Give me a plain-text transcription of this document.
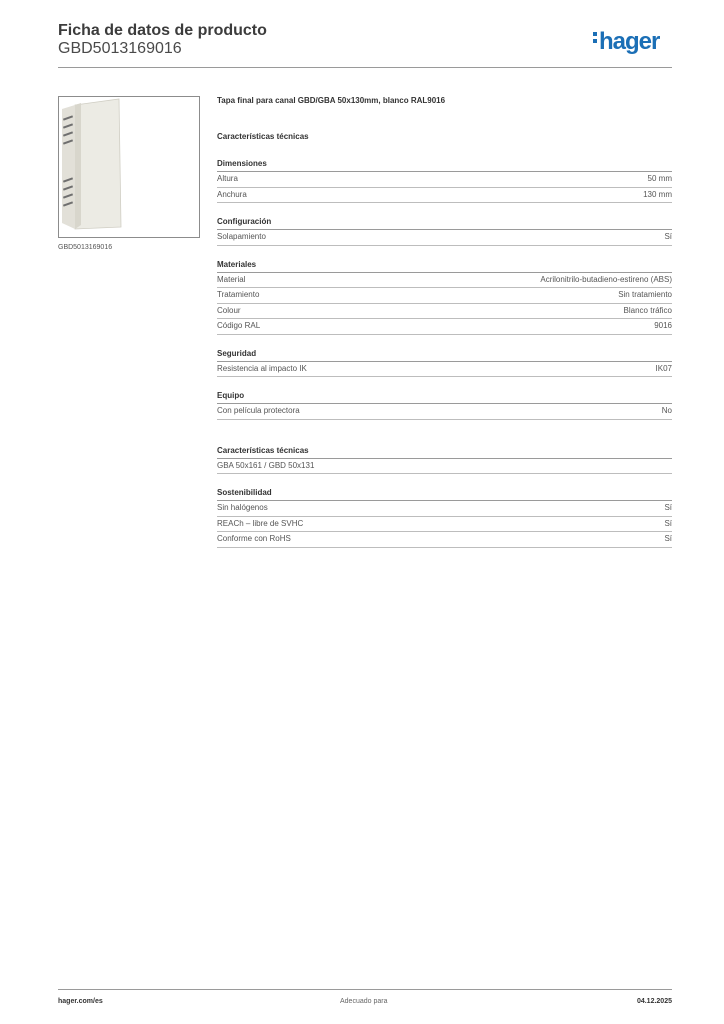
Ficha de datos de producto
GBD5013169016	hager
GBD5013169016
Tapa final para canal GBD/GBA 50x130mm, blanco RAL9016
Características técnicas
Dimensiones
Altura	50 mm
Anchura	130 mm
Configuración
Solapamiento	Sí
Materiales
Material	Acrilonitrilo-butadieno-estireno (ABS)
Tratamiento	Sin tratamiento
Colour	Blanco tráfico
Código RAL	9016
Seguridad
Resistencia al impacto IK	IK07
Equipo
Con película protectora	No
Características técnicas
GBA 50x161 / GBD 50x131
Sostenibilidad
Sin halógenos	Sí
REACh – libre de SVHC	Sí
Conforme con RoHS	Sí
hager.com/es	Adecuado para	04.12.2025
